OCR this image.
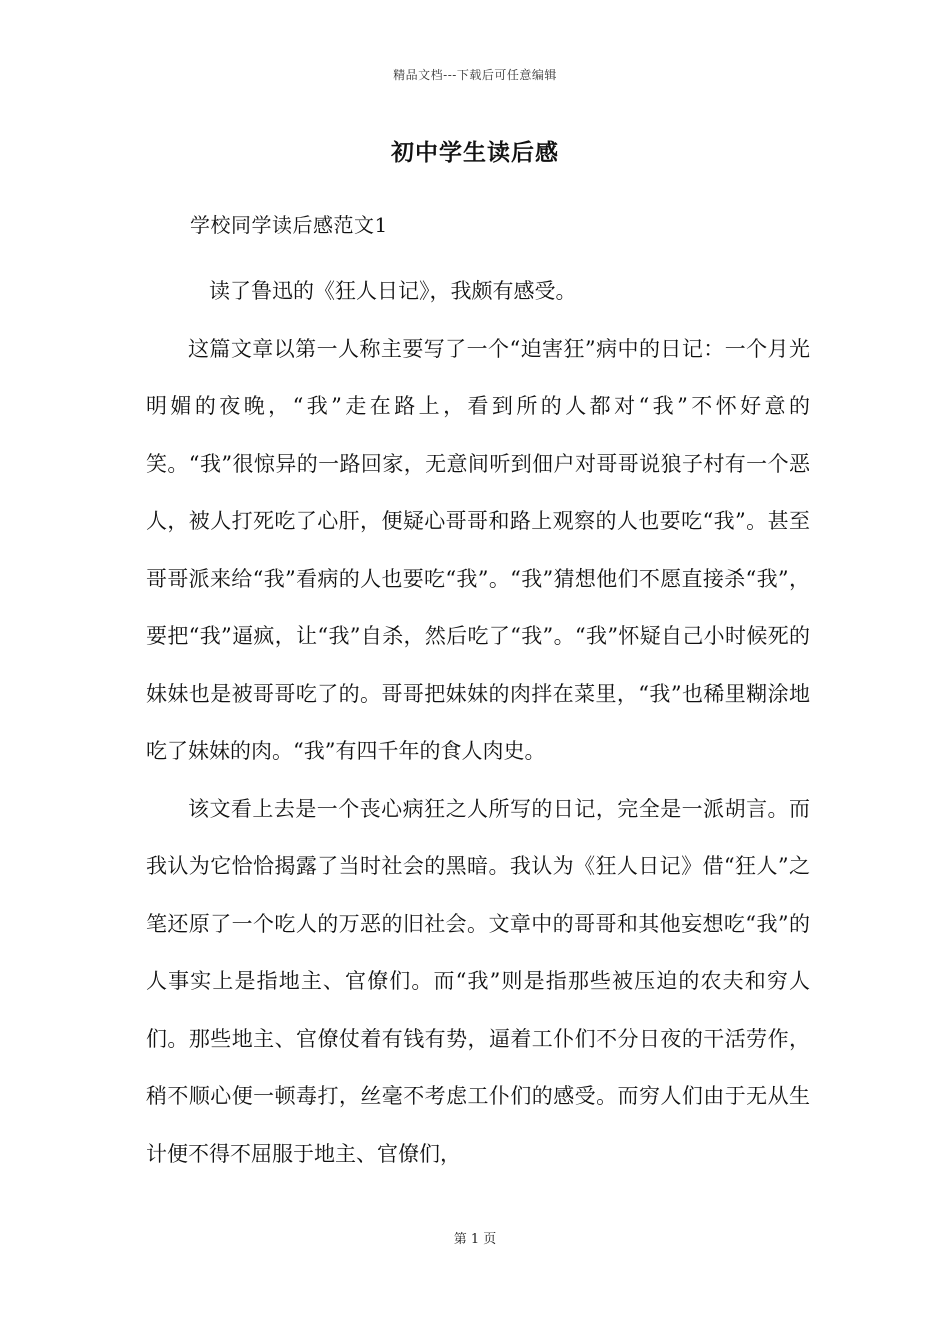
精品文档---下载后可任意编辑
初中学生读后感
学校同学读后感范文1

读了鲁迅的《狂人日记》，我颇有感受。

这篇文章以第一人称主要写了一个“迫害狂”病中的日记：一个月光明媚的夜晚，“我”走在路上，看到所的人都对“我”不怀好意的笑。“我”很惊异的一路回家，无意间听到佃户对哥哥说狼子村有一个恶人，被人打死吃了心肝，便疑心哥哥和路上观察的人也要吃“我”。甚至哥哥派来给“我”看病的人也要吃“我”。“我”猜想他们不愿直接杀“我”，要把“我”逼疯，让“我”自杀，然后吃了“我”。“我”怀疑自己小时候死的妹妹也是被哥哥吃了的。哥哥把妹妹的肉拌在菜里，“我”也稀里糊涂地吃了妹妹的肉。“我”有四千年的食人肉史。

该文看上去是一个丧心病狂之人所写的日记，完全是一派胡言。而我认为它恰恰揭露了当时社会的黑暗。我认为《狂人日记》借“狂人”之笔还原了一个吃人的万恶的旧社会。文章中的哥哥和其他妄想吃“我”的人事实上是指地主、官僚们。而“我”则是指那些被压迫的农夫和穷人们。那些地主、官僚仗着有钱有势，逼着工仆们不分日夜的干活劳作，稍不顺心便一顿毒打，丝毫不考虑工仆们的感受。而穷人们由于无从生计便不得不屈服于地主、官僚们，

第 1 页
